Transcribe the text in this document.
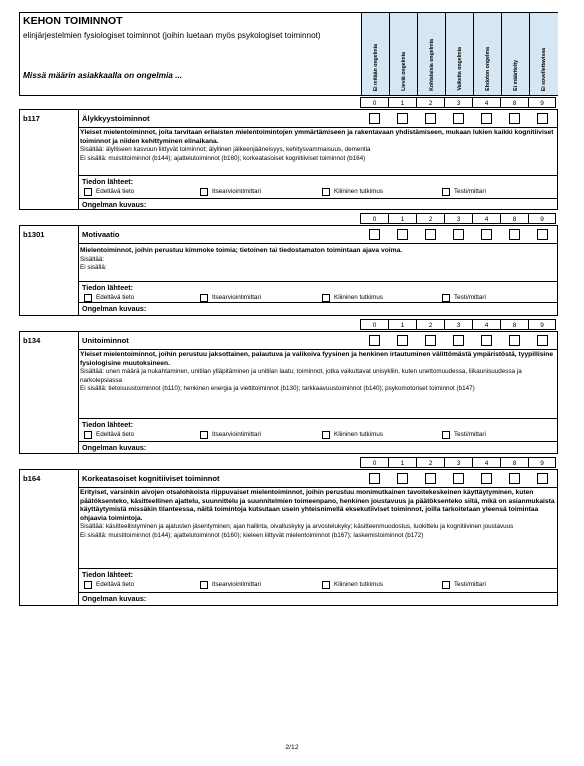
KEHON TOIMINNOT
elinjärjestelmien fysiologiset toiminnot (joihin luetaan myös psykologiset toiminnot)
Missä määrin asiakkaalla on ongelmia ...	Ei mitään ongelmia	Lieviä ongelmia	Kohtalaisia ongelmia	Vaikeita ongelmia	Ehdoton ongelma	Ei määritelty	Ei sovellettavissa
0	1	2	3	4	8	9
b117	Älykkyystoiminnot
Yleiset mielentoiminnot, joita tarvitaan erilaisten mielentoimintojen ymmärtämiseen ja rakentavaan yhdistämiseen, mukaan lukien kaikki kognitiiviset toiminnot ja niiden kehittyminen elinaikana.
Sisältää: älylliseen kasvuun liittyvät toiminnot; älyllinen jälkeenjääneisyys, kehitysvammaisuus, dementia
Ei sisällä: muistitoiminnot (b144); ajattelutoiminnot (b160); korkeatasoiset kognitiiviset toiminnot (b164)
Tiedon lähteet:
Edeltävä tieto	Itsearviointimittari	Kliininen tutkimus	Testi/mittari
Ongelman kuvaus:
0	1	2	3	4	8	9
b1301	Motivaatio
Mielentoiminnot, joihin perustuu kimmoke toimia; tietoinen tai tiedostamaton toimintaan ajava voima.
Sisältää:
Ei sisällä:
Tiedon lähteet:
Edeltävä tieto	Itsearviointimittari	Kliininen tutkimus	Testi/mittari
Ongelman kuvaus:
0	1	2	3	4	8	9
b134	Unitoiminnot
Yleiset mielentoiminnot, joihin perustuu jaksottainen, palautuva ja valikoiva fyysinen ja henkinen irtautuminen välittömästä ympäristöstä, tyypillisine fysiologisine muutoksineen.
Sisältää: unen määrä ja nukahtaminen, unitilan ylläpitäminen ja unitilan laatu; toiminnot, jotka vaikuttavat unisykliin, kuten unettomuudessa, liikaunisuudessa ja narkolepsiassa
Ei sisällä: tietoisuustoiminnot (b110); henkinen energia ja viettitoiminnot (b130); tarkkaavuustoiminnot (b140); psykomotoriset toiminnot (b147)
Tiedon lähteet:
Edeltävä tieto	Itsearviointimittari	Kliininen tutkimus	Testi/mittari
Ongelman kuvaus:
0	1	2	3	4	8	9
b164	Korkeatasoiset kognitiiviset toiminnot
Erityiset, varsinkin aivojen otsalohkoista riippuvaiset mielentoiminnot, joihin perustuu monimutkainen tavoitekeskeinen käyttäytyminen, kuten päätöksenteko, käsitteellinen ajattelu, suunnittelu ja suunnitelmien toimeenpano, henkinen joustavuus ja päätöksenteko siitä, mikä on asianmukaista käyttäytymistä missäkin tilanteessa, näitä toimintoja kutsutaan usein yhteisnimellä eksekutiiviset toiminnot, joilla tarkoitetaan yleensä toimintaa ohjaavia toimintoja.
Sisältää: käsitteellistyminen ja ajatusten jäsentyminen; ajan hallinta, oivalluskyky ja arvostelukyky; käsitteenmuodostus, luokittelu ja kognitiivinen joustavuus
Ei sisällä: muistitoiminnot (b144); ajattelutoiminnot (b160); kieleen liittyvät mielentoiminnot (b167); laskemistoiminnot (b172)
Tiedon lähteet:
Edeltävä tieto	Itsearviointimittari	Kliininen tutkimus	Testi/mittari
Ongelman kuvaus:
2/12
